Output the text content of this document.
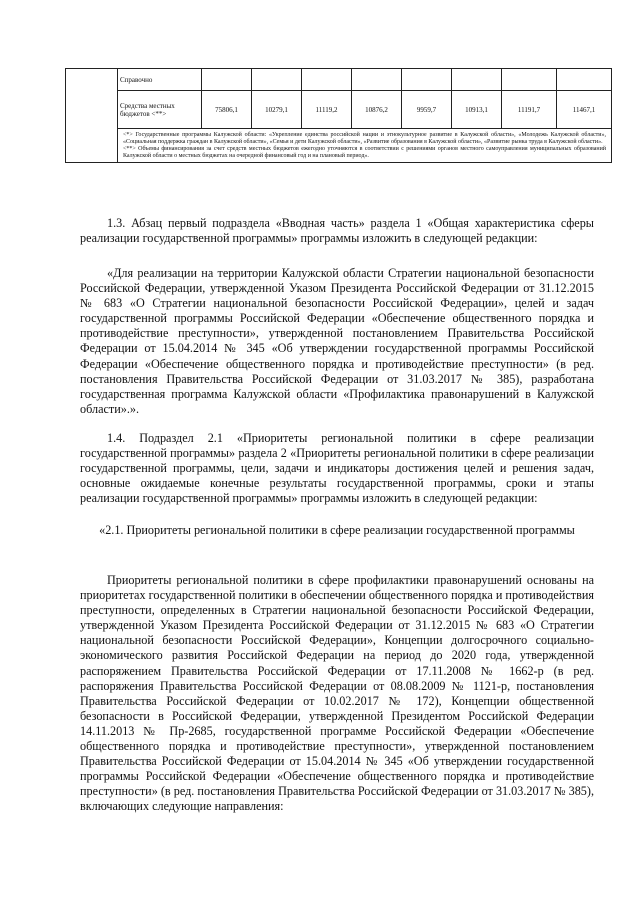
	Справочно								
	Средства местных бюджетов <**>	75806,1	10279,1	11119,2	10876,2	9959,7	10913,1	11191,7	11467,1

	<*> Государственные программы Калужской области: «Укрепление единства российской нации и этнокультурное развитие в Калужской области», «Молодежь Калужской области», «Социальная поддержка граждан в Калужской области», «Семья и дети Калужской области», «Развитие образования в Калужской области», «Развитие рынка труда в Калужской области».

<**> Объемы финансирования за счет средств местных бюджетов ежегодно уточняются в соответствии с решениями органов местного самоуправления муниципальных образований Калужской области о местных бюджетах на очередной финансовый год и на плановый период».								

1.3. Абзац первый подраздела «Вводная часть» раздела 1 «Общая характеристика сферы реализации государственной программы» программы изложить в следующей редакции:

«Для реализации на территории Калужской области Стратегии национальной безопасности Российской Федерации, утвержденной Указом Президента Российской Федерации от 31.12.2015 № 683 «О Стратегии национальной безопасности Российской Федерации», целей и задач государственной программы Российской Федерации «Обеспечение общественного порядка и противодействие преступности», утвержденной постановлением Правительства Российской Федерации от 15.04.2014 № 345 «Об утверждении государственной программы Российской Федерации «Обеспечение общественного порядка и противодействие преступности» (в ред. постановления Правительства Российской Федерации от 31.03.2017 № 385), разработана государственная программа Калужской области «Профилактика правонарушений в Калужской области».».

1.4. Подраздел 2.1 «Приоритеты региональной политики в сфере реализации государственной программы» раздела 2 «Приоритеты региональной политики в сфере реализации государственной программы, цели, задачи и индикаторы достижения целей и решения задач, основные ожидаемые конечные результаты государственной программы, сроки и этапы реализации государственной программы» программы изложить в следующей редакции:

«2.1. Приоритеты региональной политики в сфере реализации государственной программы

Приоритеты региональной политики в сфере профилактики правонарушений основаны на приоритетах государственной политики в обеспечении общественного порядка и противодействия преступности, определенных в Стратегии национальной безопасности Российской Федерации, утвержденной Указом Президента Российской Федерации от 31.12.2015 № 683 «О Стратегии национальной безопасности Российской Федерации», Концепции долгосрочного социально-экономического развития Российской Федерации на период до 2020 года, утвержденной распоряжением Правительства Российской Федерации от 17.11.2008 № 1662-р (в ред. распоряжения Правительства Российской Федерации от 08.08.2009 № 1121-р, постановления Правительства Российской Федерации от 10.02.2017 № 172), Концепции общественной безопасности в Российской Федерации, утвержденной Президентом Российской Федерации 14.11.2013 № Пр-2685, государственной программе Российской Федерации «Обеспечение общественного порядка и противодействие преступности», утвержденной постановлением Правительства Российской Федерации от 15.04.2014 № 345 «Об утверждении государственной программы Российской Федерации «Обеспечение общественного порядка и противодействие преступности» (в ред. постановления Правительства Российской Федерации от 31.03.2017 № 385), включающих следующие направления:
